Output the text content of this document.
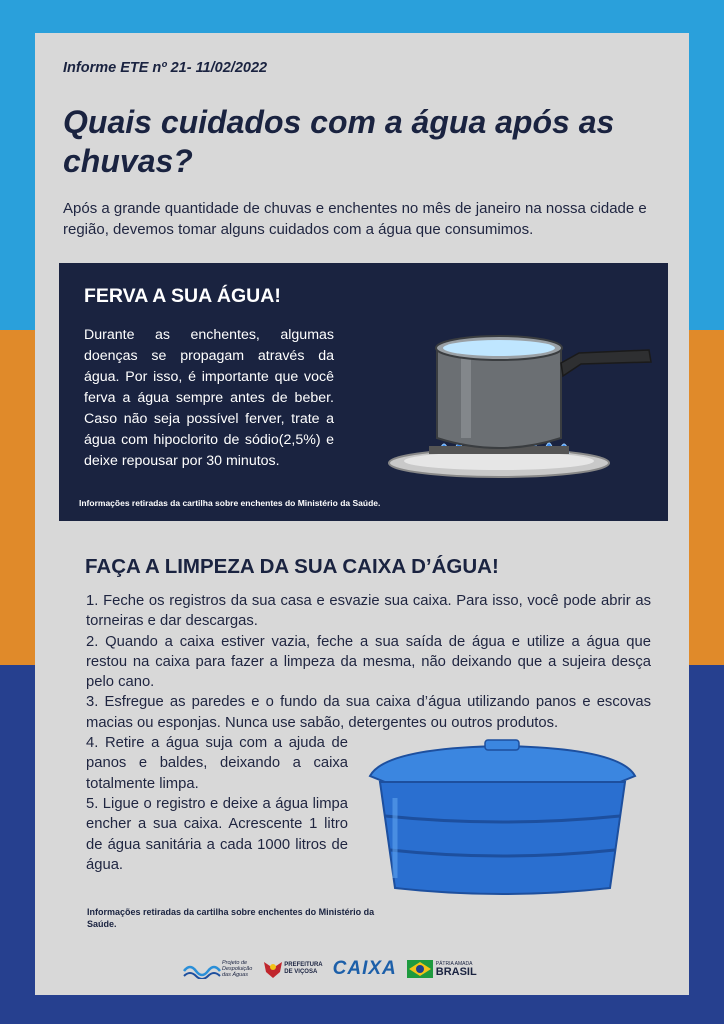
Informe ETE nº 21- 11/02/2022
Quais cuidados com a água após as chuvas?
Após a grande quantidade de chuvas e enchentes no mês de janeiro na nossa cidade e região, devemos tomar alguns cuidados com a água que consumimos.
FERVA A SUA ÁGUA!
Durante as enchentes, algumas doenças se propagam através da água. Por isso, é importante que você ferva a água sempre antes de beber. Caso não seja possível ferver, trate a água com hipoclorito de sódio(2,5%) e deixe repousar por 30 minutos.
Informações retiradas da cartilha sobre enchentes do Ministério da Saúde.
FAÇA A LIMPEZA DA SUA CAIXA D’ÁGUA!

1. Feche os registros da sua casa e esvazie sua caixa. Para isso, você pode abrir as torneiras e dar descargas.

2. Quando a caixa estiver vazia, feche a sua saída de água e utilize a água que restou na caixa para fazer a limpeza da mesma, não deixando que a sujeira desça pelo cano.

3. Esfregue as paredes e o fundo da sua caixa d’água utilizando panos e escovas macias ou esponjas. Nunca use sabão, detergentes ou outros produtos.

4. Retire a água suja com a ajuda de panos e baldes, deixando a caixa totalmente limpa.

5. Ligue o registro e deixe a água limpa encher a sua caixa. Acrescente 1 litro de água sanitária a cada 1000 litros de água.

Informações retiradas da cartilha sobre enchentes do Ministério da Saúde.
Projeto de
Despoluição
das Águas
PREFEITURA
DE VIÇOSA CAIXA	PÁTRIA AMADA
BRASIL
